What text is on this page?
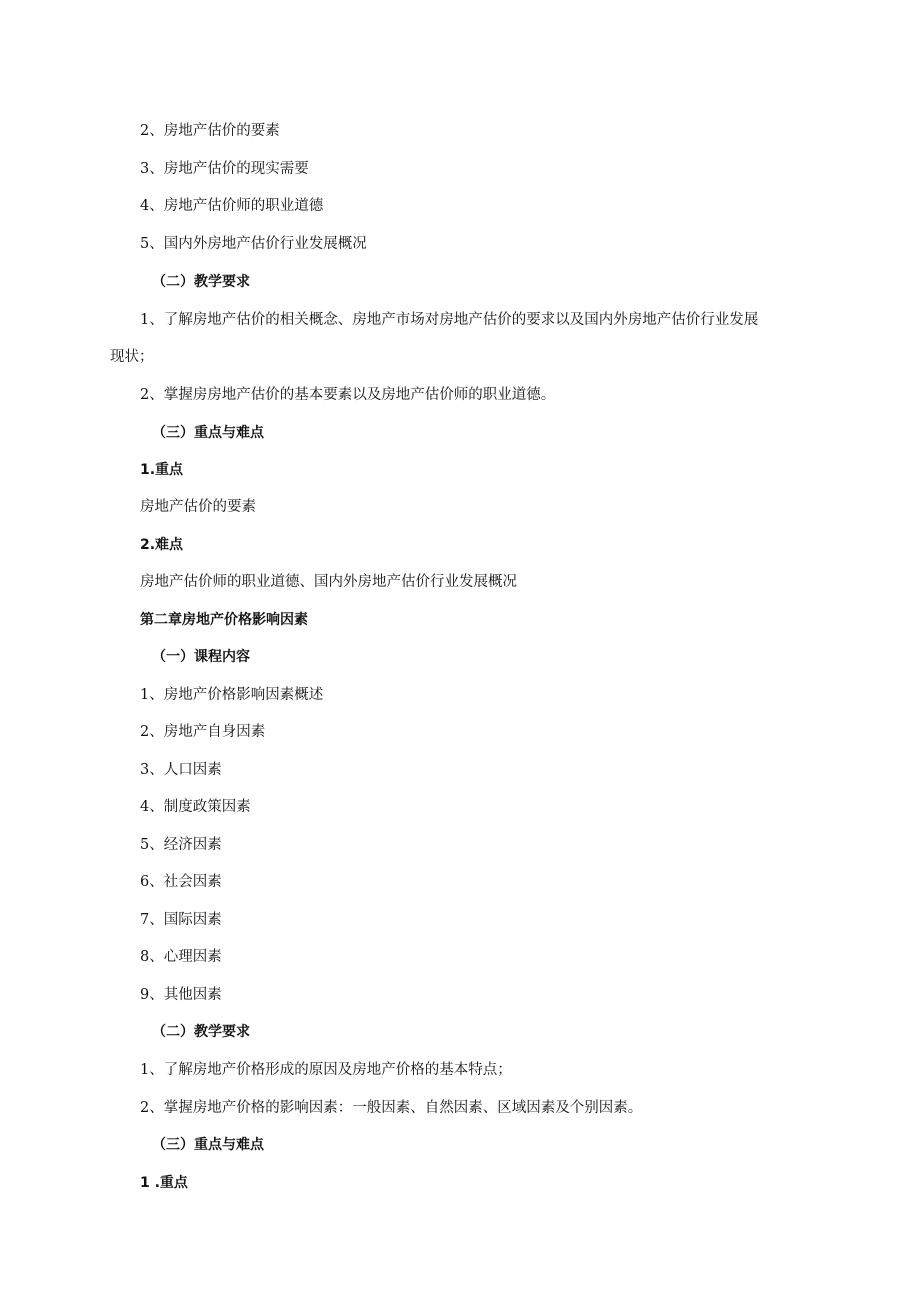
2、房地产估价的要素
3、房地产估价的现实需要
4、房地产估价师的职业道德
5、国内外房地产估价行业发展概况
（二）教学要求
1、了解房地产估价的相关概念、房地产市场对房地产估价的要求以及国内外房地产估价行业发展
现状；
2、掌握房房地产估价的基本要素以及房地产估价师的职业道德。
（三）重点与难点
1.重点
房地产估价的要素
2.难点
房地产估价师的职业道德、国内外房地产估价行业发展概况
第二章房地产价格影响因素
（一）课程内容
1、房地产价格影响因素概述
2、房地产自身因素
3、人口因素
4、制度政策因素
5、经济因素
6、社会因素
7、国际因素
8、心理因素
9、其他因素
（二）教学要求
1、了解房地产价格形成的原因及房地产价格的基本特点；
2、掌握房地产价格的影响因素：一般因素、自然因素、区域因素及个别因素。
（三）重点与难点
1 .重点
